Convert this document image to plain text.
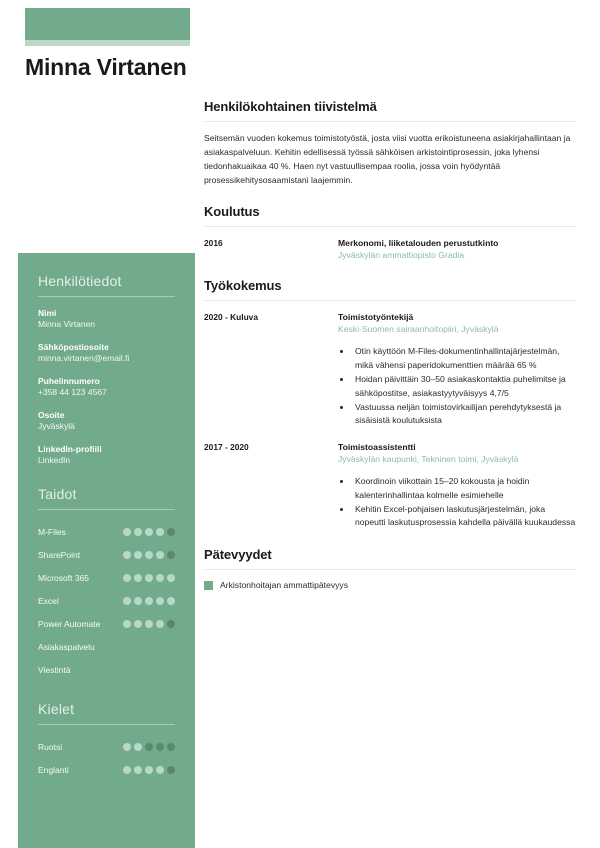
Minna Virtanen
Henkilötiedot
Nimi
Minna Virtanen
Sähköpostiosoite
minna.virtanen@email.fi
Puhelinnumero
+358 44 123 4567
Osoite
Jyväskylä
LinkedIn-profiili
LinkedIn
Taidot
M-Files
SharePoint
Microsoft 365
Excel
Power Automate
Asiakaspalvelu
Viestintä
Kielet
Ruotsi
Englanti
Henkilökohtainen tiivistelmä

Seitsemän vuoden kokemus toimistotyöstä, josta viisi vuotta erikoistuneena asiakirjahallintaan ja asiakaspalveluun. Kehitin edellisessä työssä sähköisen arkistointiprosessin, joka lyhensi tiedonhakuaikaa 40 %. Haen nyt vastuullisempaa roolia, jossa voin hyödyntää prosessikehitysosaamistani laajemmin.

Koulutus
2016	Merkonomi, liiketalouden perustutkinto
Jyväskylän ammattiopisto Gradia
Työkokemus
2020 - Kuluva	Toimistotyöntekijä
Keski-Suomen sairaanhoitopiiri, Jyväskylä
• Otin käyttöön M-Files-dokumentinhallintajärjestelmän, mikä vähensi paperidokumenttien määrää 65 %
• Hoidan päivittäin 30–50 asiakaskontaktia puhelimitse ja sähköpostitse, asiakastyytyväisyys 4,7/5
• Vastuussa neljän toimistovirkailijan perehdytyksestä ja sisäisistä koulutuksista
2017 - 2020	Toimistoassistentti
Jyväskylän kaupunki, Tekninen toimi, Jyväskylä
• Koordinoin viikottain 15–20 kokousta ja hoidin kalenterinhallintaa kolmelle esimiehelle
• Kehitin Excel-pohjaisen laskutusjärjestelmän, joka nopeutti laskutusprosessia kahdella päivällä kuukaudessa
Pätevyydet
Arkistonhoitajan ammattipätevyys
